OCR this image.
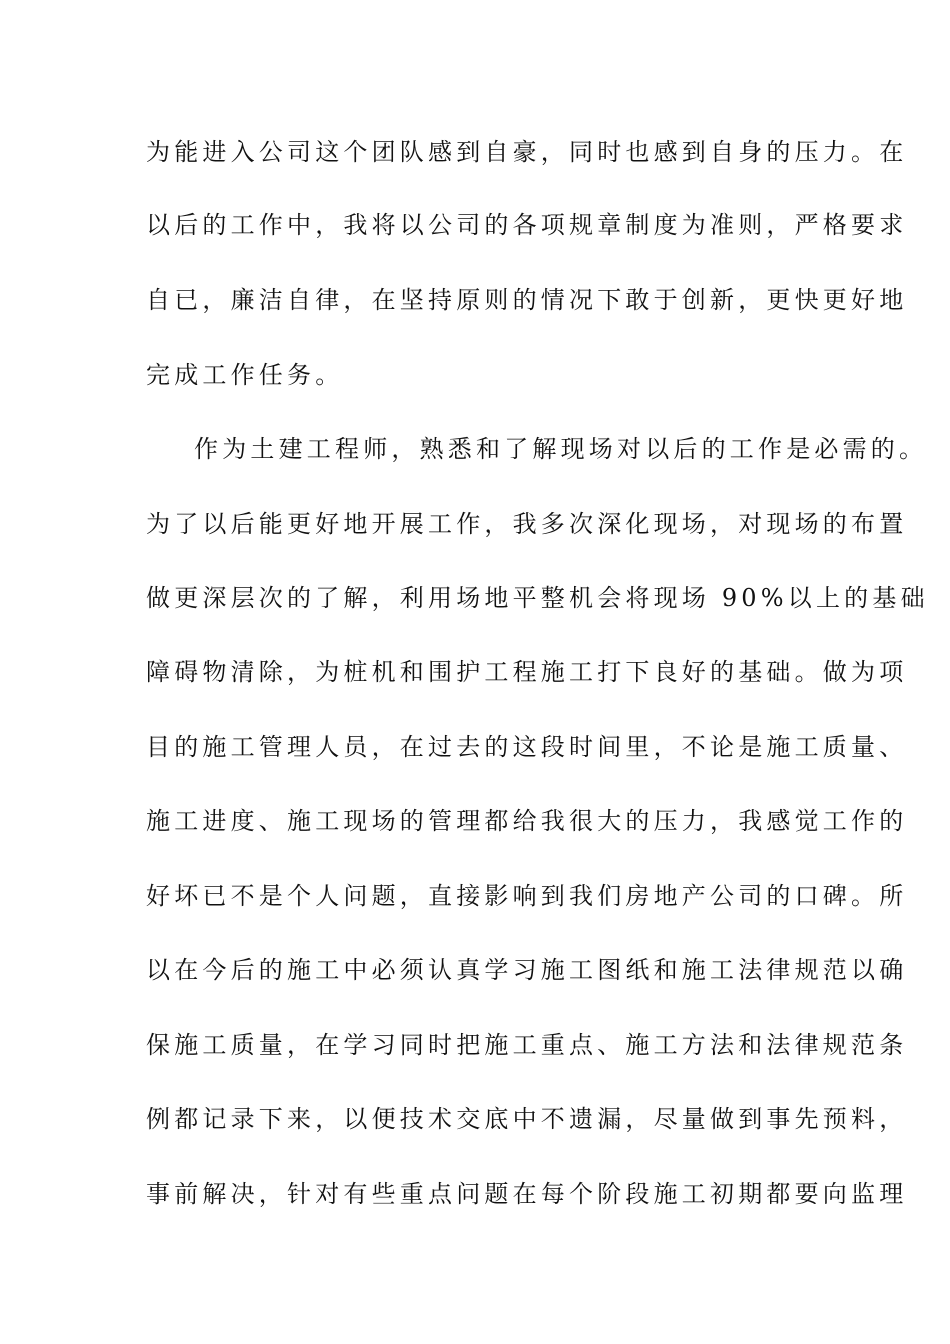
为能进入公司这个团队感到自豪，同时也感到自身的压力。在
以后的工作中，我将以公司的各项规章制度为准则，严格要求
自已，廉洁自律，在坚持原则的情况下敢于创新，更快更好地
完成工作任务。
作为土建工程师，熟悉和了解现场对以后的工作是必需的。
为了以后能更好地开展工作，我多次深化现场，对现场的布置
做更深层次的了解，利用场地平整机会将现场 90%以上的基础
障碍物清除，为桩机和围护工程施工打下良好的基础。做为项
目的施工管理人员，在过去的这段时间里，不论是施工质量、
施工进度、施工现场的管理都给我很大的压力，我感觉工作的
好坏已不是个人问题，直接影响到我们房地产公司的口碑。所
以在今后的施工中必须认真学习施工图纸和施工法律规范以确
保施工质量，在学习同时把施工重点、施工方法和法律规范条
例都记录下来，以便技术交底中不遗漏，尽量做到事先预料，
事前解决，针对有些重点问题在每个阶段施工初期都要向监理
